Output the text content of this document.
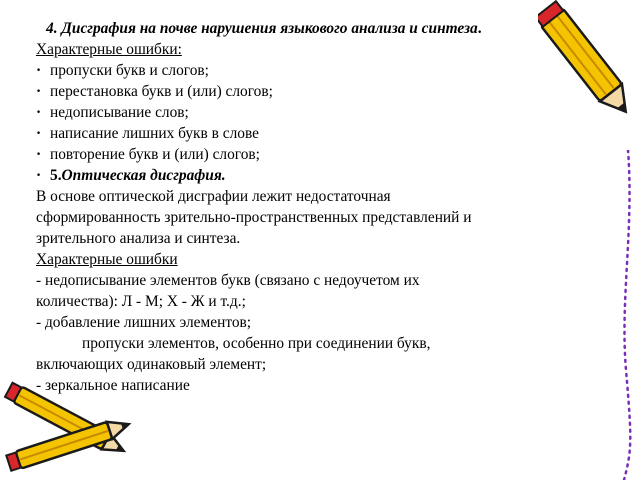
4. Дисграфия на почве нарушения языкового анализа и синтеза.
Характерные ошибки:
· пропуски букв и слогов;
· перестановка букв и (или) слогов;
· недописывание слов;
· написание лишних букв в слове
· повторение букв и (или) слогов;
· 5.Оптическая дисграфия.
В основе оптической дисграфии лежит недостаточная
сформированность зрительно-пространственных представлений и
зрительного анализа и синтеза.
Характерные ошибки
- недописывание элементов букв (связано с недоучетом их
количества): Л - М; Х - Ж и т.д.;
- добавление лишних элементов;
пропуски элементов, особенно при соединении букв,
включающих одинаковый элемент;
- зеркальное написание
